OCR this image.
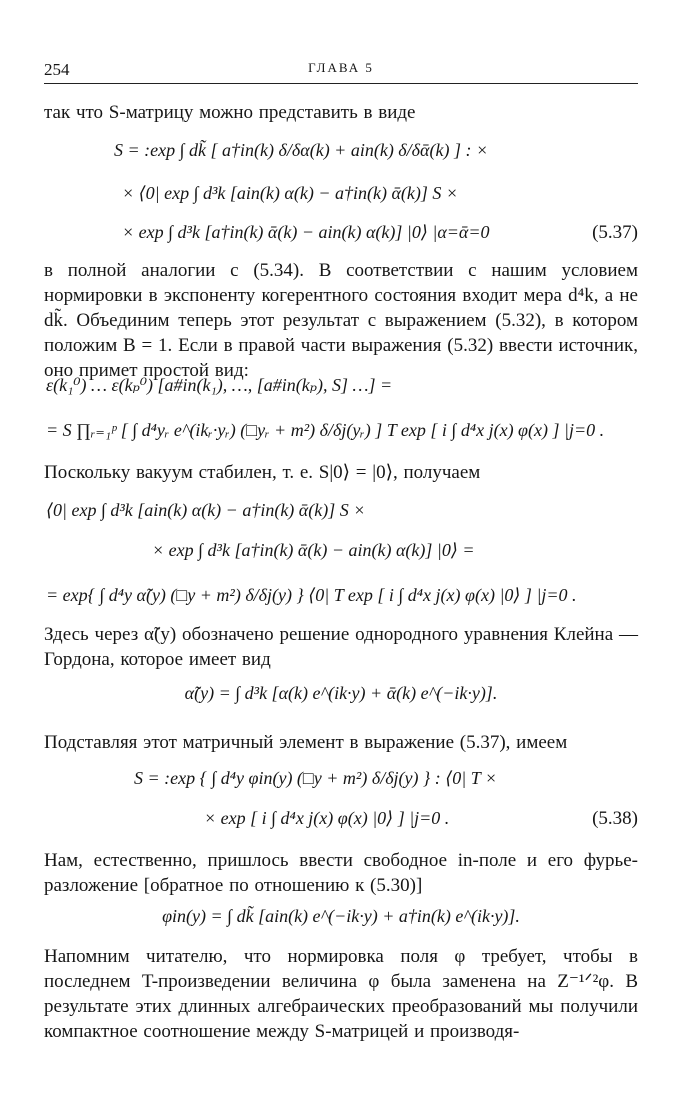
254	ГЛАВА 5
так что S-матрицу можно представить в виде
S = :exp ∫ dk̃ [ a†in(k) δ/δα(k) + ain(k) δ/δᾱ(k) ] : ×
× ⟨0| exp ∫ d³k [ain(k) α(k) − a†in(k) ᾱ(k)] S ×
× exp ∫ d³k [a†in(k) ᾱ(k) − ain(k) α(k)] |0⟩ |α=ᾱ=0	(5.37)
в полной аналогии с (5.34). В соответствии с нашим условием нормировки в экспоненту когерентного состояния входит мера d⁴k, а не dk̃. Объединим теперь этот результат с выражением (5.32), в котором положим B = 1. Если в правой части выражения (5.32) ввести источник, оно примет простой вид:
ε(k₁⁰) … ε(kₚ⁰) [a#in(k₁), …, [a#in(kₚ), S] …] =
= S ∏ᵣ₌₁ᵖ [ ∫ d⁴yᵣ e^(ikᵣ·yᵣ) (□yᵣ + m²) δ/δj(yᵣ) ] T exp [ i ∫ d⁴x j(x) φ(x) ] |j=0 .
Поскольку вакуум стабилен, т. е. S|0⟩ = |0⟩, получаем
⟨0| exp ∫ d³k [ain(k) α(k) − a†in(k) ᾱ(k)] S ×
× exp ∫ d³k [a†in(k) ᾱ(k) − ain(k) α(k)] |0⟩ =
= exp{ ∫ d⁴y α̃(y) (□y + m²) δ/δj(y) } ⟨0| T exp [ i ∫ d⁴x j(x) φ(x) |0⟩ ] |j=0 .
Здесь через α̃(y) обозначено решение однородного уравнения Клейна — Гордона, которое имеет вид
α̃(y) = ∫ d³k [α(k) e^(ik·y) + ᾱ(k) e^(−ik·y)].
Подставляя этот матричный элемент в выражение (5.37), имеем
S = :exp { ∫ d⁴y φin(y) (□y + m²) δ/δj(y) } : ⟨0| T ×
× exp [ i ∫ d⁴x j(x) φ(x) |0⟩ ] |j=0 .	(5.38)
Нам, естественно, пришлось ввести свободное in-поле и его фурье-разложение [обратное по отношению к (5.30)]
φin(y) = ∫ dk̃ [ain(k) e^(−ik·y) + a†in(k) e^(ik·y)].
Напомним читателю, что нормировка поля φ требует, чтобы в последнем T-произведении величина φ была заменена на Z⁻¹ᐟ²φ. В результате этих длинных алгебраических преобразований мы получили компактное соотношение между S-матрицей и производя-
